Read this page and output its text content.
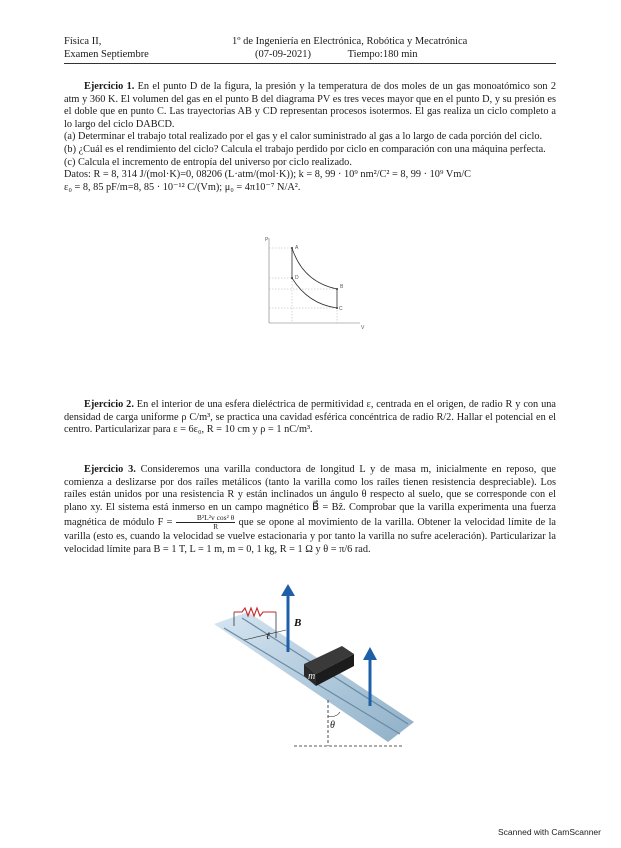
Física II,
Examen Septiembre
1º de Ingeniería en Electrónica, Robótica y Mecatrónica
(07-09-2021)	Tiempo:180 min
Ejercicio 1. En el punto D de la figura, la presión y la temperatura de dos moles de un gas monoatómico son 2 atm y 360 K. El volumen del gas en el punto B del diagrama PV es tres veces mayor que en el punto D, y su presión es el doble que en punto C. Las trayectorias AB y CD representan procesos isotermos. El gas realiza un ciclo completo a lo largo del ciclo DABCD.
(a) Determinar el trabajo total realizado por el gas y el calor suministrado al gas a lo largo de cada porción del ciclo.
(b) ¿Cuál es el rendimiento del ciclo? Calcula el trabajo perdido por ciclo en comparación con una máquina perfecta.
(c) Calcula el incremento de entropía del universo por ciclo realizado.
Datos: R = 8, 314 J/(mol·K)=0, 08206 (L·atm/(mol·K)); k = 8, 99 · 10⁹ nm²/C² = 8, 99 · 10⁹ Vm/C
ε₀ = 8, 85 pF/m=8, 85 · 10⁻¹² C/(Vm); μ₀ = 4π10⁻⁷ N/A².
P
V
A
B
C
D
Ejercicio 2. En el interior de una esfera dieléctrica de permitividad ε, centrada en el origen, de radio R y con una densidad de carga uniforme ρ C/m³, se practica una cavidad esférica concéntrica de radio R/2. Hallar el potencial en el centro. Particularizar para ε = 6ε₀, R = 10 cm y ρ = 1 nC/m³.
Ejercicio 3. Consideremos una varilla conductora de longitud L y de masa m, inicialmente en reposo, que comienza a deslizarse por dos raíles metálicos (tanto la varilla como los raíles tienen resistencia despreciable). Los raíles están unidos por una resistencia R y están inclinados un ángulo θ respecto al suelo, que se corresponde con el plano xy. El sistema está inmerso en un campo magnético B⃗ = Bẑ. Comprobar que la varilla experimenta una fuerza magnética de módulo $F = \frac{\text{B²L²v cos² θ}}{R}$ que se opone al movimiento de la varilla. Obtener la velocidad límite de la varilla (esto es, cuando la velocidad se vuelve estacionaria y por tanto la varilla no sufre aceleración). Particularizar la velocidad límite para B = 1 T, L = 1 m, m = 0, 1 kg, R = 1 Ω y θ = π/6 rad.
B⃗
ℓ
m
θ
Scanned with CamScanner
